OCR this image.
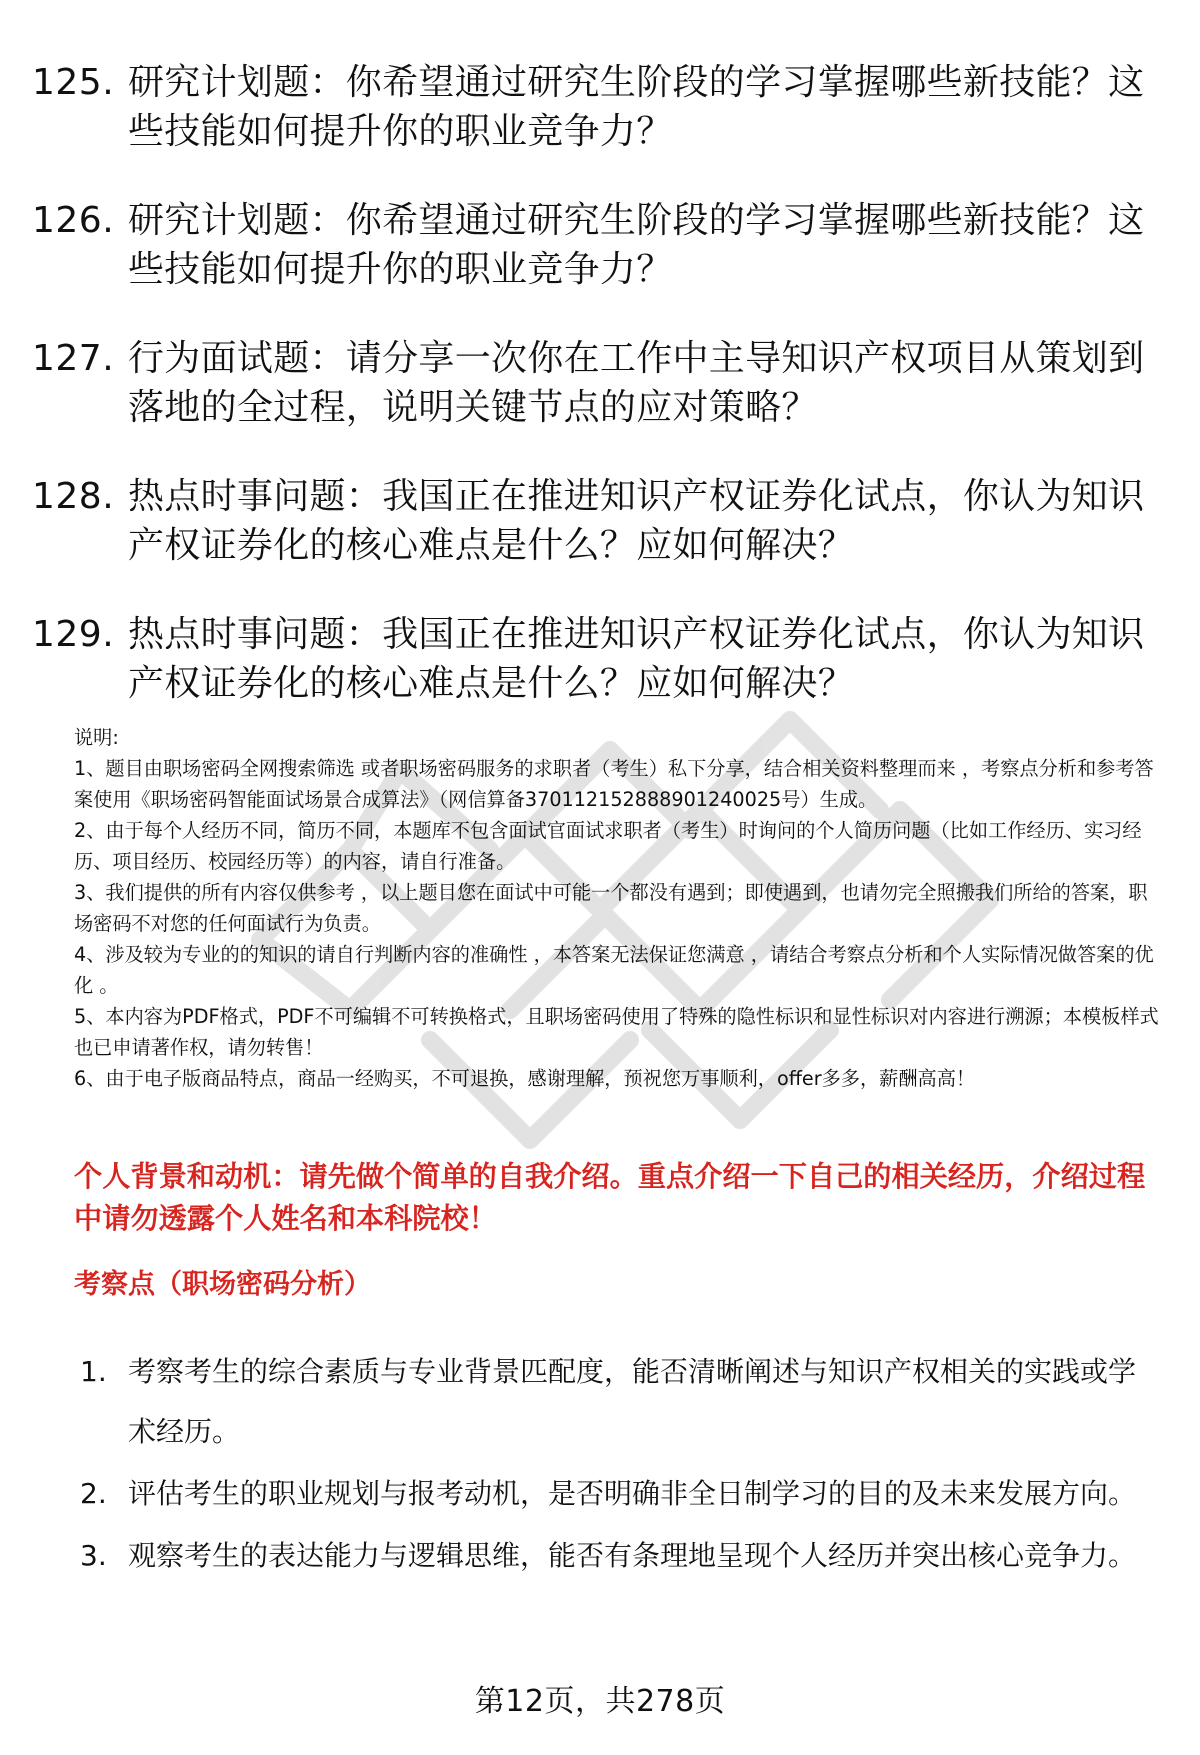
125. 研究计划题：你希望通过研究生阶段的学习掌握哪些新技能？这些技能如何提升你的职业竞争力？
126. 研究计划题：你希望通过研究生阶段的学习掌握哪些新技能？这些技能如何提升你的职业竞争力？
127. 行为面试题：请分享一次你在工作中主导知识产权项目从策划到落地的全过程，说明关键节点的应对策略？
128. 热点时事问题：我国正在推进知识产权证券化试点，你认为知识产权证券化的核心难点是什么？应如何解决？
129. 热点时事问题：我国正在推进知识产权证券化试点，你认为知识产权证券化的核心难点是什么？应如何解决？

说明:

1、题目由职场密码全网搜索筛选 或者职场密码服务的求职者（考生）私下分享，结合相关资料整理而来 ，考察点分析和参考答案使用《职场密码智能面试场景合成算法》（网信算备370112152888901240025号）生成。

2、由于每个人经历不同，简历不同，本题库不包含面试官面试求职者（考生）时询问的个人简历问题（比如工作经历、实习经历、项目经历、校园经历等）的内容，请自行准备。

3、我们提供的所有内容仅供参考 ，以上题目您在面试中可能一个都没有遇到；即使遇到，也请勿完全照搬我们所给的答案，职场密码不对您的任何面试行为负责。

4、涉及较为专业的的知识的请自行判断内容的准确性 ，本答案无法保证您满意 ，请结合考察点分析和个人实际情况做答案的优化 。

5、本内容为PDF格式，PDF不可编辑不可转换格式，且职场密码使用了特殊的隐性标识和显性标识对内容进行溯源；本模板样式也已申请著作权，请勿转售！

6、由于电子版商品特点，商品一经购买，不可退换，感谢理解，预祝您万事顺利，offer多多，薪酬高高！

个人背景和动机：请先做个简单的自我介绍。重点介绍一下自己的相关经历，介绍过程中请勿透露个人姓名和本科院校！
考察点（职场密码分析）
1. 考察考生的综合素质与专业背景匹配度，能否清晰阐述与知识产权相关的实践或学术经历。
2. 评估考生的职业规划与报考动机，是否明确非全日制学习的目的及未来发展方向。
3. 观察考生的表达能力与逻辑思维，能否有条理地呈现个人经历并突出核心竞争力。
第12页，共278页
